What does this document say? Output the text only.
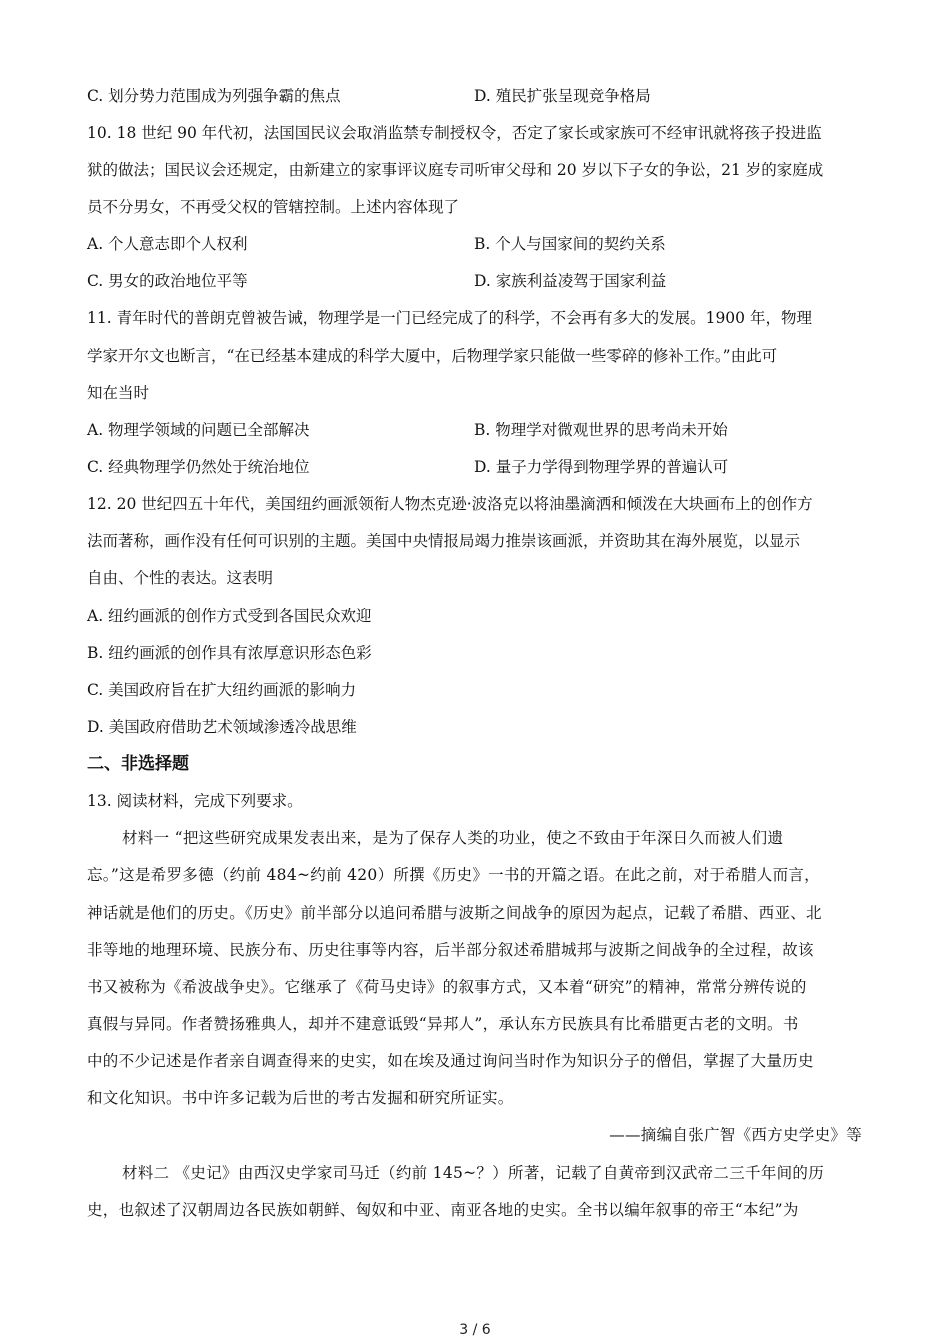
C. 划分势力范围成为列强争霸的焦点	D. 殖民扩张呈现竞争格局
10. 18 世纪 90 年代初，法国国民议会取消监禁专制授权令，否定了家长或家族可不经审讯就将孩子投进监
狱的做法；国民议会还规定，由新建立的家事评议庭专司听审父母和 20 岁以下子女的争讼，21 岁的家庭成
员不分男女，不再受父权的管辖控制。上述内容体现了
A. 个人意志即个人权利	B. 个人与国家间的契约关系
C. 男女的政治地位平等	D. 家族利益凌驾于国家利益
11. 青年时代的普朗克曾被告诫，物理学是一门已经完成了的科学，不会再有多大的发展。1900 年，物理
学家开尔文也断言，“在已经基本建成的科学大厦中，后物理学家只能做一些零碎的修补工作。”由此可
知在当时
A. 物理学领域的问题已全部解决	B. 物理学对微观世界的思考尚未开始
C. 经典物理学仍然处于统治地位	D. 量子力学得到物理学界的普遍认可
12. 20 世纪四五十年代，美国纽约画派领衔人物杰克逊·波洛克以将油墨滴洒和倾泼在大块画布上的创作方
法而著称，画作没有任何可识别的主题。美国中央情报局竭力推崇该画派，并资助其在海外展览，以显示
自由、个性的表达。这表明
A. 纽约画派的创作方式受到各国民众欢迎
B. 纽约画派的创作具有浓厚意识形态色彩
C. 美国政府旨在扩大纽约画派的影响力
D. 美国政府借助艺术领域渗透冷战思维
二、非选择题
13. 阅读材料，完成下列要求。
材料一 “把这些研究成果发表出来，是为了保存人类的功业，使之不致由于年深日久而被人们遗
忘。”这是希罗多德（约前 484~约前 420）所撰《历史》一书的开篇之语。在此之前，对于希腊人而言，
神话就是他们的历史。《历史》前半部分以追问希腊与波斯之间战争的原因为起点，记载了希腊、西亚、北
非等地的地理环境、民族分布、历史往事等内容，后半部分叙述希腊城邦与波斯之间战争的全过程，故该
书又被称为《希波战争史》。它继承了《荷马史诗》的叙事方式，又本着“研究”的精神，常常分辨传说的
真假与异同。作者赞扬雅典人，却并不建意诋毁“异邦人”，承认东方民族具有比希腊更古老的文明。书
中的不少记述是作者亲自调查得来的史实，如在埃及通过询问当时作为知识分子的僧侣，掌握了大量历史
和文化知识。书中许多记载为后世的考古发掘和研究所证实。
——摘编自张广智《西方史学史》等
材料二 《史记》由西汉史学家司马迁（约前 145~？）所著，记载了自黄帝到汉武帝二三千年间的历
史，也叙述了汉朝周边各民族如朝鲜、匈奴和中亚、南亚各地的史实。全书以编年叙事的帝王“本纪”为
3 / 6
